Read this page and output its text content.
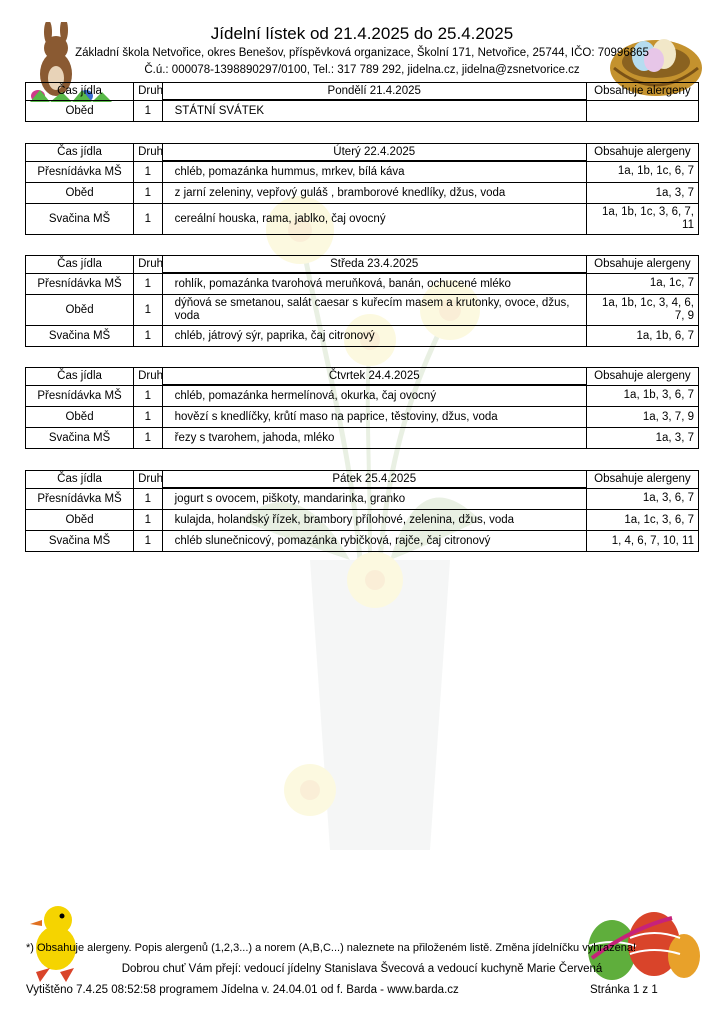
Jídelní lístek od 21.4.2025 do 25.4.2025
Základní škola Netvořice, okres Benešov, příspěvková organizace, Školní 171, Netvořice, 25744, IČO: 70996865
Č.ú.: 000078-1398890297/0100, Tel.: 317 789 292, jidelna.cz, jidelna@zsnetvorice.cz
Čas jídla	Druh	Pondělí 21.4.2025	Obsahuje alergeny
Oběd	1	STÁTNÍ SVÁTEK	
Čas jídla	Druh	Úterý 22.4.2025	Obsahuje alergeny
Přesnídávka MŠ	1	chléb, pomazánka hummus, mrkev, bílá káva	1a, 1b, 1c, 6, 7
Oběd	1	z jarní zeleniny, vepřový guláš , bramborové knedlíky, džus, voda	1a, 3, 7
Svačina MŠ	1	cereální houska, rama, jablko, čaj ovocný	1a, 1b, 1c, 3, 6, 7, 11
Čas jídla	Druh	Středa 23.4.2025	Obsahuje alergeny
Přesnídávka MŠ	1	rohlík, pomazánka tvarohová meruňková, banán, ochucené mléko	1a, 1c, 7
Oběd	1	dýňová se smetanou, salát caesar s kuřecím masem a krutonky, ovoce, džus, voda	1a, 1b, 1c, 3, 4, 6, 7, 9
Svačina MŠ	1	chléb, játrový sýr, paprika, čaj citronový	1a, 1b, 6, 7
Čas jídla	Druh	Čtvrtek 24.4.2025	Obsahuje alergeny
Přesnídávka MŠ	1	chléb, pomazánka hermelínová, okurka, čaj ovocný	1a, 1b, 3, 6, 7
Oběd	1	hovězí s knedlíčky, krůtí maso na paprice, těstoviny, džus, voda	1a, 3, 7, 9
Svačina MŠ	1	řezy s tvarohem, jahoda, mléko	1a, 3, 7
Čas jídla	Druh	Pátek 25.4.2025	Obsahuje alergeny
Přesnídávka MŠ	1	jogurt s ovocem, piškoty, mandarinka, granko	1a, 3, 6, 7
Oběd	1	kulajda, holandský řízek, brambory přílohové, zelenina, džus, voda	1a, 1c, 3, 6, 7
Svačina MŠ	1	chléb slunečnicový, pomazánka rybičková, rajče, čaj citronový	1, 4, 6, 7, 10, 11
*) Obsahuje alergeny. Popis alergenů (1,2,3...) a norem (A,B,C...) naleznete na přiloženém listě. Změna jídelníčku vyhrazena!
Dobrou chuť Vám přejí: vedoucí jídelny Stanislava Švecová a vedoucí kuchyně Marie Červená
Vytištěno 7.4.25 08:52:58 programem Jídelna v. 24.04.01 od f. Barda - www.barda.cz	Stránka 1 z 1
